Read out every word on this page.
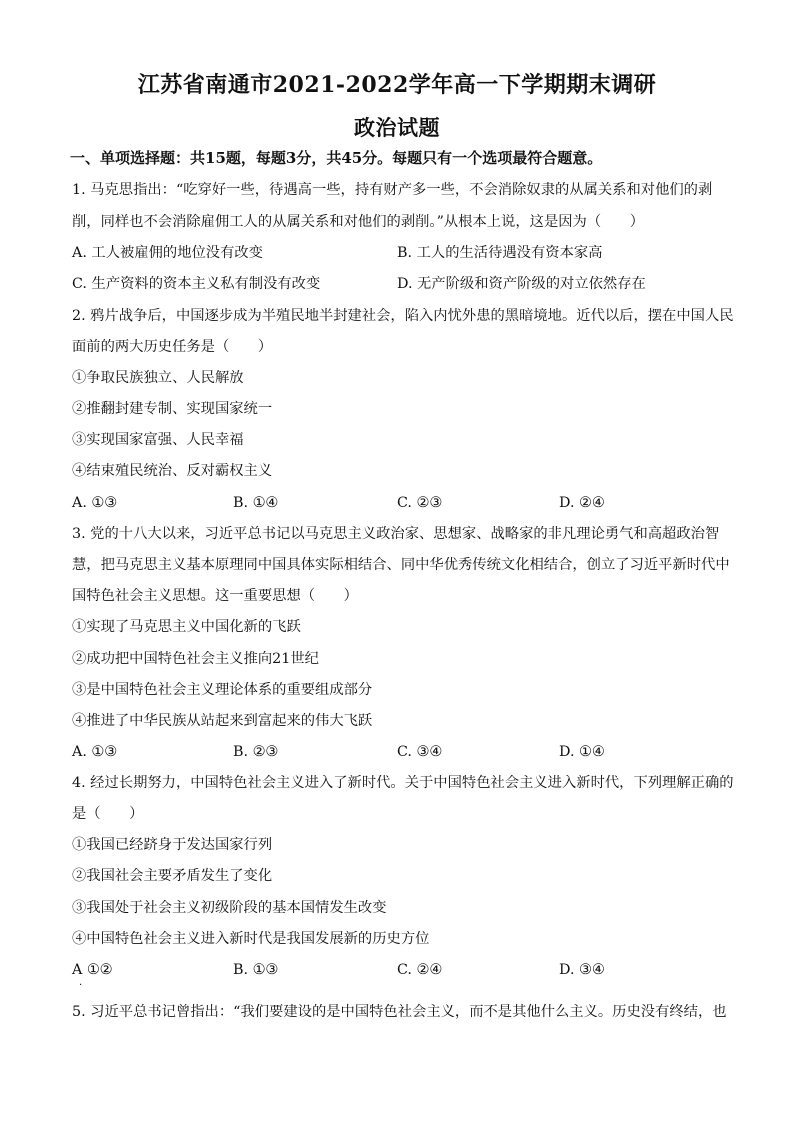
江苏省南通市2021-2022学年高一下学期期末调研
政治试题
一、单项选择题：共15题，每题3分，共45分。每题只有一个选项最符合题意。
1. 马克思指出：“吃穿好一些，待遇高一些，持有财产多一些，不会消除奴隶的从属关系和对他们的剥
削，同样也不会消除雇佣工人的从属关系和对他们的剥削。”从根本上说，这是因为（　　）
A. 工人被雇佣的地位没有改变	B. 工人的生活待遇没有资本家高
C. 生产资料的资本主义私有制没有改变	D. 无产阶级和资产阶级的对立依然存在
2. 鸦片战争后，中国逐步成为半殖民地半封建社会，陷入内忧外患的黑暗境地。近代以后，摆在中国人民
面前的两大历史任务是（　　）
①争取民族独立、人民解放
②推翻封建专制、实现国家统一
③实现国家富强、人民幸福
④结束殖民统治、反对霸权主义
A. ①③	B. ①④	C. ②③	D. ②④
3. 党的十八大以来，习近平总书记以马克思主义政治家、思想家、战略家的非凡理论勇气和高超政治智
慧，把马克思主义基本原理同中国具体实际相结合、同中华优秀传统文化相结合，创立了习近平新时代中
国特色社会主义思想。这一重要思想（　　）
①实现了马克思主义中国化新的飞跃
②成功把中国特色社会主义推向21世纪
③是中国特色社会主义理论体系的重要组成部分
④推进了中华民族从站起来到富起来的伟大飞跃
A. ①③	B. ②③	C. ③④	D. ①④
4. 经过长期努力，中国特色社会主义进入了新时代。关于中国特色社会主义进入新时代，下列理解正确的
是（　　）
①我国已经跻身于发达国家行列
②我国社会主要矛盾发生了变化
③我国处于社会主义初级阶段的基本国情发生改变
④中国特色社会主义进入新时代是我国发展新的历史方位
A ①②	B. ①③	C. ②④	D. ③④
·
5. 习近平总书记曾指出：“我们要建设的是中国特色社会主义，而不是其他什么主义。历史没有终结，也
